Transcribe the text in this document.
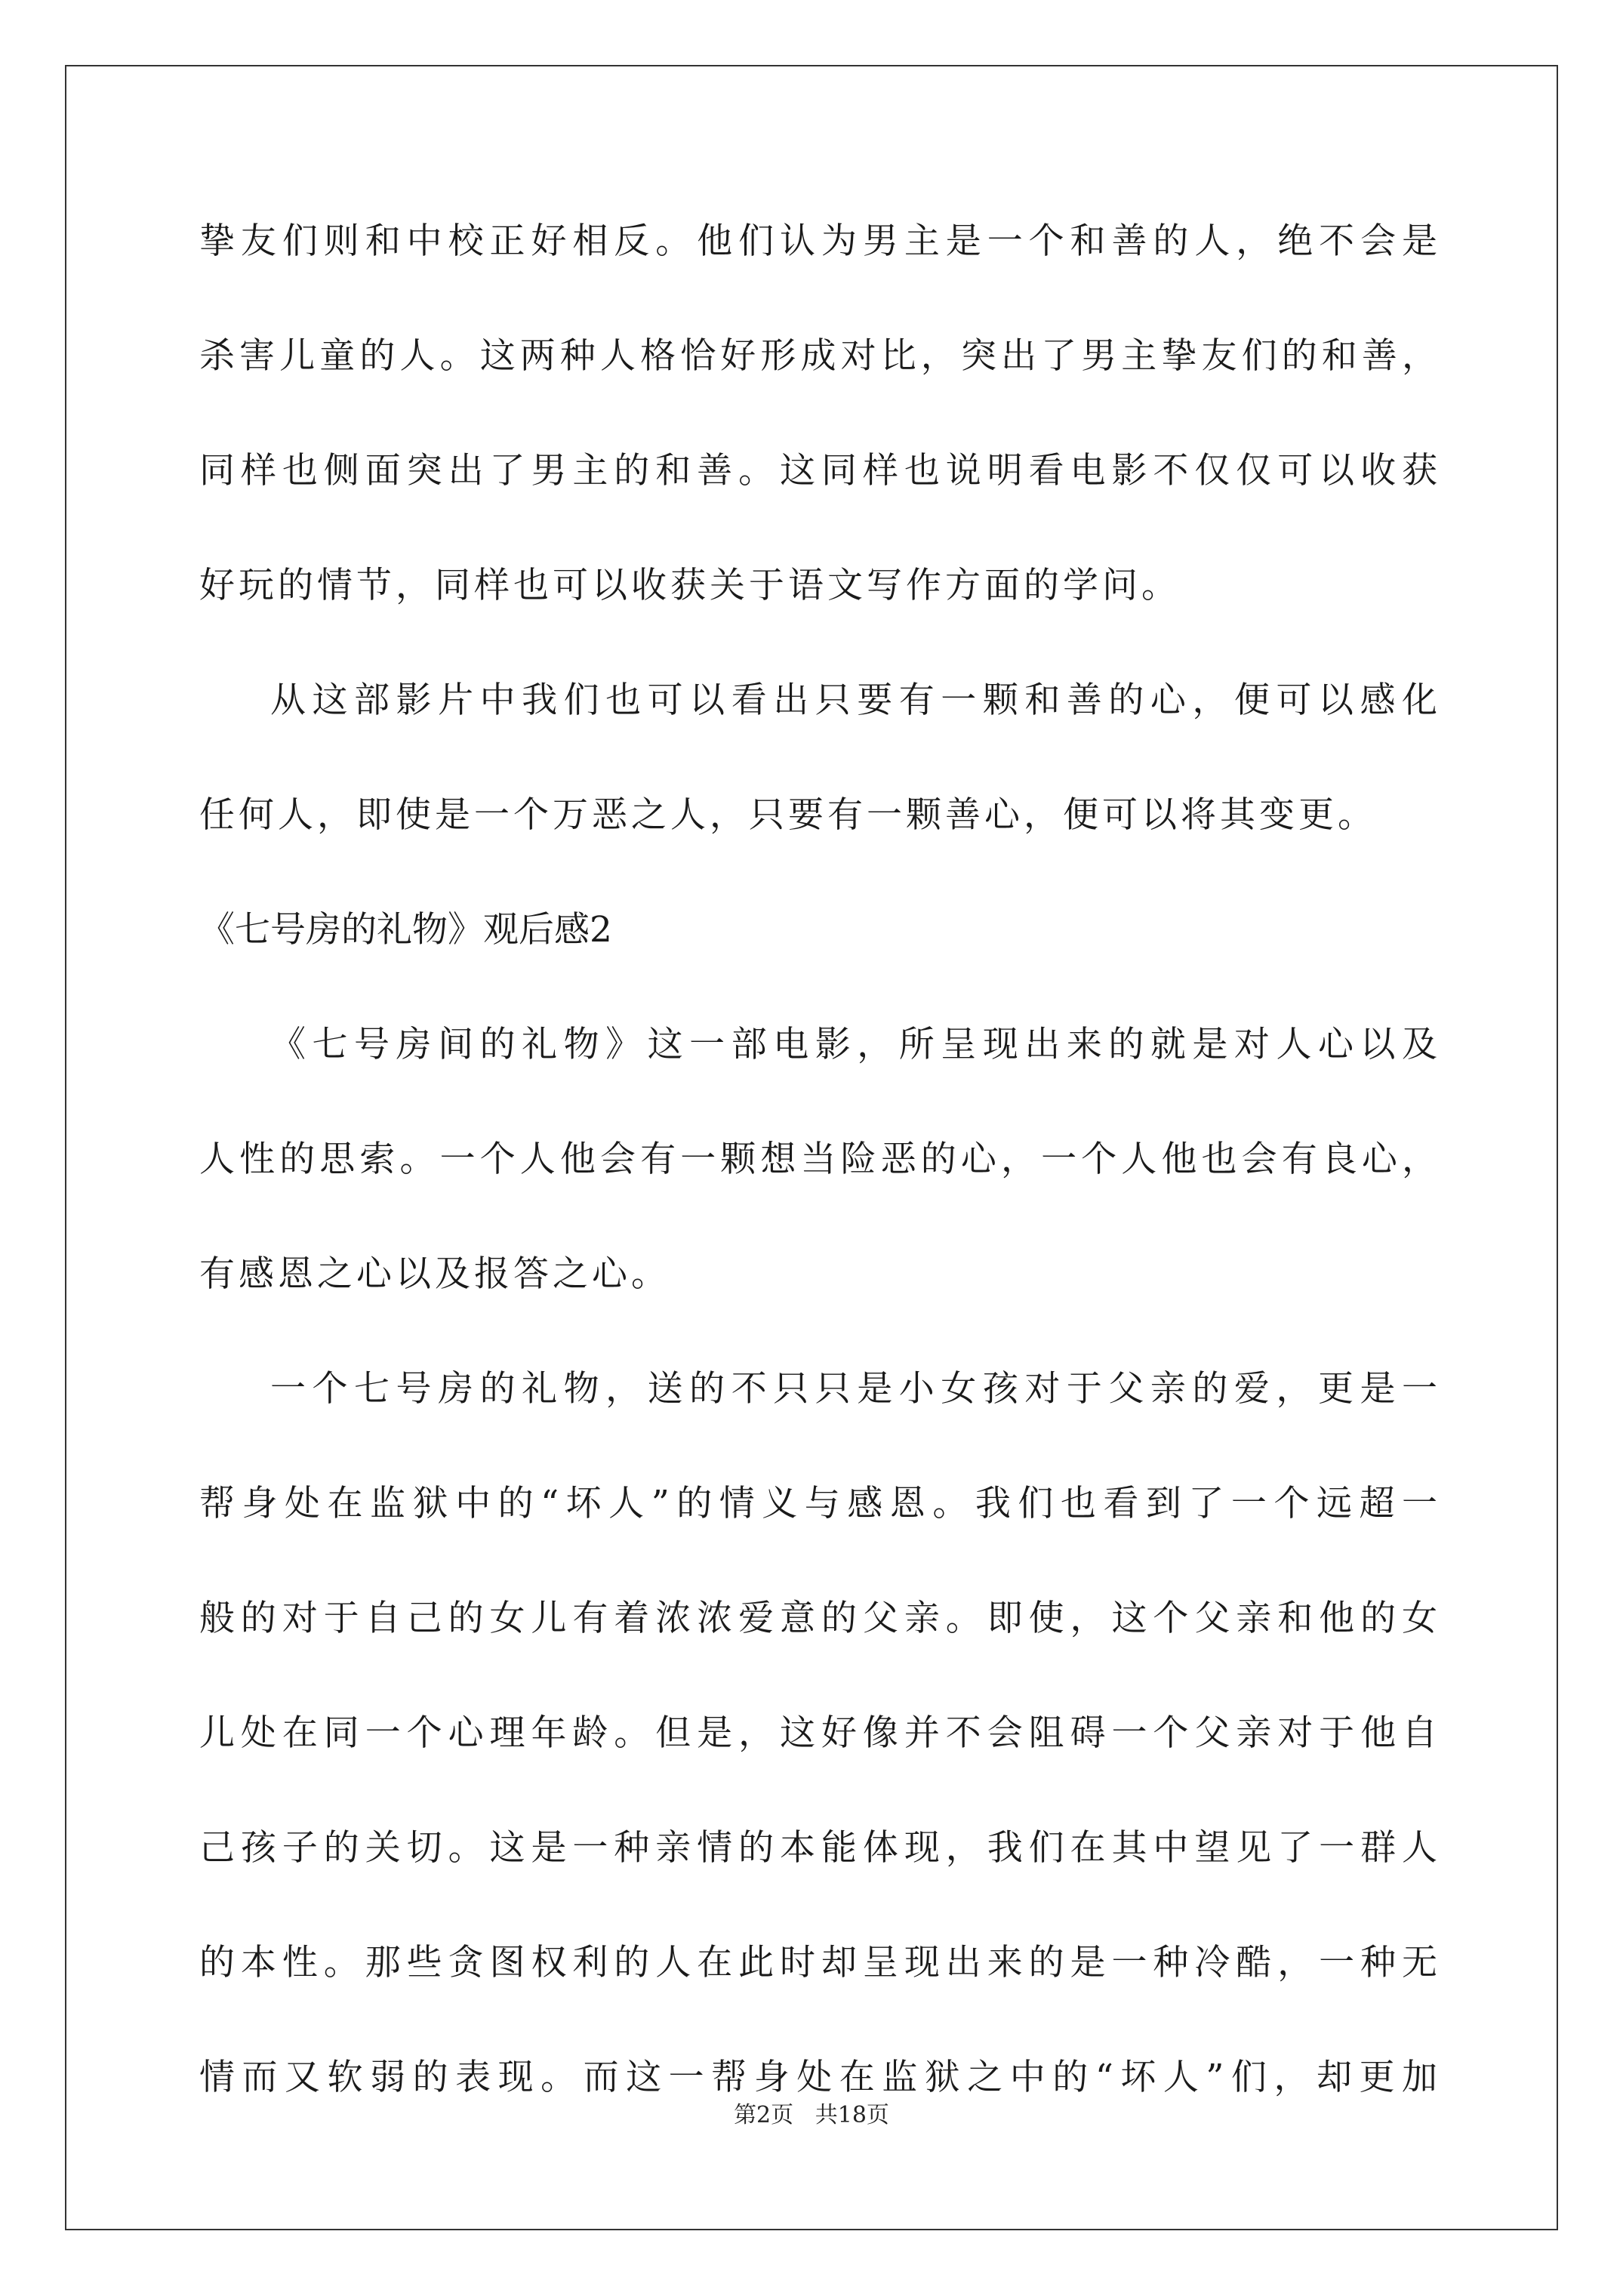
挚友们则和中校正好相反。他们认为男主是一个和善的人，绝不会是
杀害儿童的人。这两种人格恰好形成对比，突出了男主挚友们的和善，
同样也侧面突出了男主的和善。这同样也说明看电影不仅仅可以收获
好玩的情节，同样也可以收获关于语文写作方面的学问。
从这部影片中我们也可以看出只要有一颗和善的心，便可以感化
任何人，即使是一个万恶之人，只要有一颗善心，便可以将其变更。
《七号房的礼物》观后感2
《七号房间的礼物》这一部电影，所呈现出来的就是对人心以及
人性的思索。一个人他会有一颗想当险恶的心，一个人他也会有良心，
有感恩之心以及报答之心。
一个七号房的礼物，送的不只只是小女孩对于父亲的爱，更是一
帮身处在监狱中的“坏人”的情义与感恩。我们也看到了一个远超一
般的对于自己的女儿有着浓浓爱意的父亲。即使，这个父亲和他的女
儿处在同一个心理年龄。但是，这好像并不会阻碍一个父亲对于他自
己孩子的关切。这是一种亲情的本能体现，我们在其中望见了一群人
的本性。那些贪图权利的人在此时却呈现出来的是一种冷酷，一种无
情而又软弱的表现。而这一帮身处在监狱之中的“坏人”们，却更加
第2页   共18页
